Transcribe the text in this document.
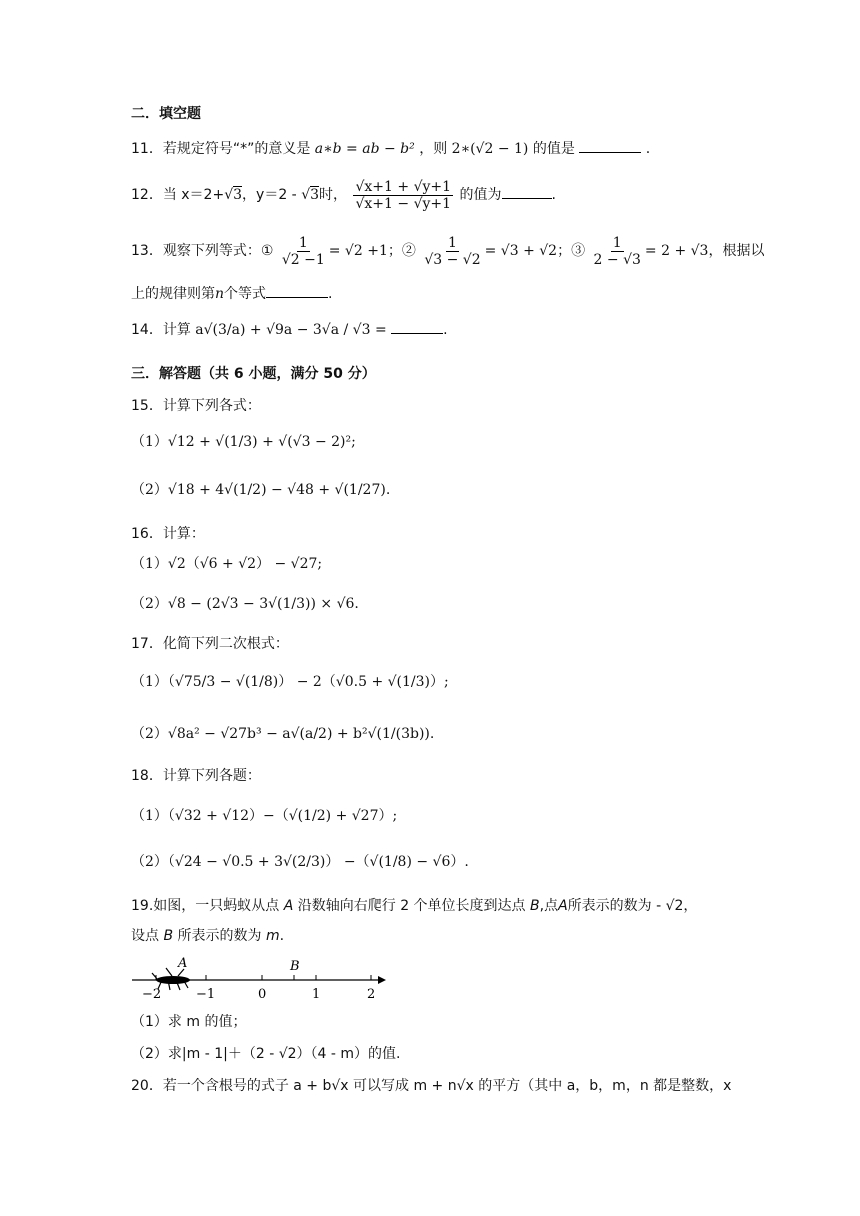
二．填空题
11．若规定符号“*”的意义是 a∗b = ab − b² ，则 2∗(√2 − 1) 的值是	.
12．当 x＝2+√3，y＝2 ‐ √3时， $\frac{√x+1 + √y+1}{√x+1 - √y+1}$ 的值为	.
13．观察下列等式：① $\frac{1}{√2 -1} = √2 +1$；② $\frac{1}{√3 - √2} = √3 + √2$；③ $\frac{1}{2 - √3} = 2 + √3$，根据以
上的规律则第n个等式	.
14．计算 a√(3/a) + √9a − 3√a / √3 =	.
三．解答题（共 6 小题，满分 50 分）
15．计算下列各式：
（1）√12 + √(1/3) + √(√3 − 2)²;
（2）√18 + 4√(1/2) − √48 + √(1/27).
16．计算：
（1）√2（√6 + √2） − √27;
（2）√8 − (2√3 − 3√(1/3)) × √6.
17．化简下列二次根式：
（1）（√75/3 − √(1/8)） − 2（√0.5 + √(1/3)）;
（2）√8a² − √27b³ − a√(a/2) + b²√(1/(3b)).
18．计算下列各题：
（1）（√32 + √12）−（√(1/2) + √27）;
（2）（√24 − √0.5 + 3√(2/3)） −（√(1/8) − √6）.
19.如图，一只蚂蚁从点 A 沿数轴向右爬行 2 个单位长度到达点 B,点A所表示的数为 ‐ √2，
设点 B 所表示的数为 m.
−2	−1	0	1	2
A	B
（1）求 m 的值；
（2）求|m ‐ 1|＋（2 ‐ √2）（4 ‐ m）的值.
20．若一个含根号的式子 a + b√x 可以写成 m + n√x 的平方（其中 a，b，m，n 都是整数，x
